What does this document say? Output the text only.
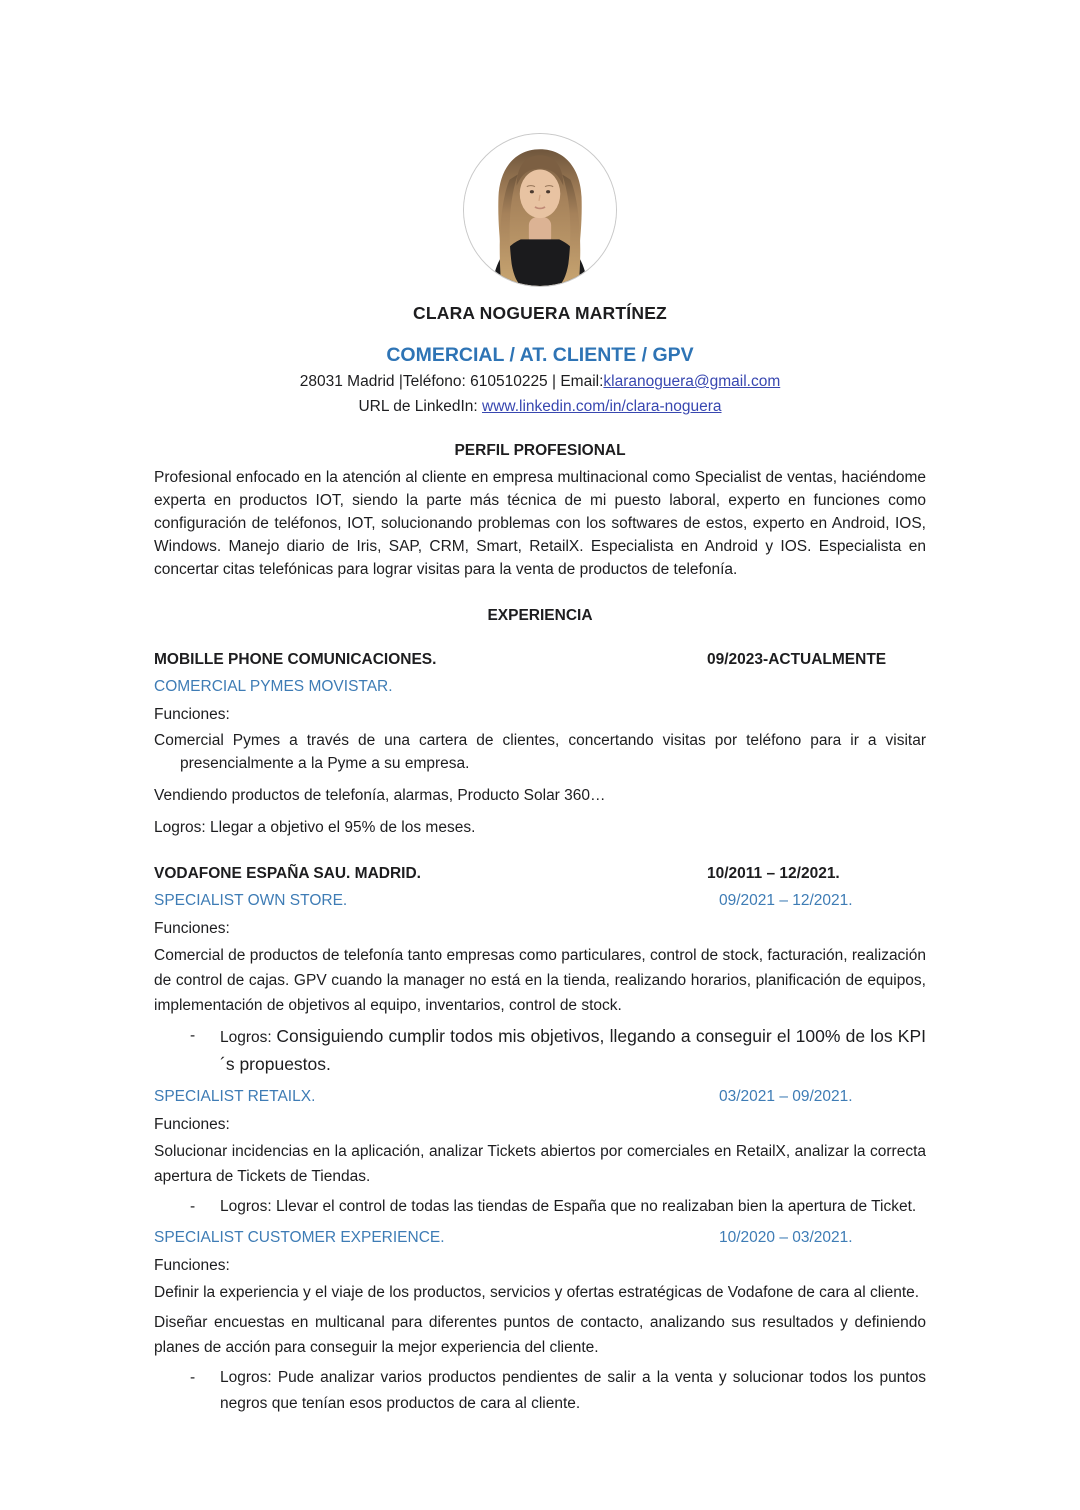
CLARA NOGUERA MARTÍNEZ
COMERCIAL / AT. CLIENTE / GPV
28031 Madrid |Teléfono: 610510225 | Email:klaranoguera@gmail.com
URL de LinkedIn: www.linkedin.com/in/clara-noguera
PERFIL PROFESIONAL
Profesional enfocado en la atención al cliente en empresa multinacional como Specialist de ventas, haciéndome experta en productos IOT, siendo la parte más técnica de mi puesto laboral, experto en funciones como configuración de teléfonos, IOT, solucionando problemas con los softwares de estos, experto en Android, IOS, Windows. Manejo diario de Iris, SAP, CRM, Smart, RetailX. Especialista en Android y IOS. Especialista en concertar citas telefónicas para lograr visitas para la venta de productos de telefonía.
EXPERIENCIA
MOBILLE PHONE COMUNICACIONES.	09/2023-ACTUALMENTE
COMERCIAL PYMES MOVISTAR.
Funciones:
Comercial Pymes a través de una cartera de clientes, concertando visitas por teléfono para ir a visitar presencialmente a la Pyme a su empresa.
Vendiendo productos de telefonía, alarmas, Producto Solar 360…
Logros: Llegar a objetivo el 95% de los meses.
VODAFONE ESPAÑA SAU. MADRID.	10/2011 – 12/2021.
SPECIALIST OWN STORE.	09/2021 – 12/2021.
Funciones:
Comercial de productos de telefonía tanto empresas como particulares, control de stock, facturación, realización de control de cajas. GPV cuando la manager no está en la tienda, realizando horarios, planificación de equipos, implementación de objetivos al equipo, inventarios, control de stock.
-	Logros: Consiguiendo cumplir todos mis objetivos, llegando a conseguir el 100% de los KPI´s propuestos.
SPECIALIST RETAILX.	03/2021 – 09/2021.
Funciones:
Solucionar incidencias en la aplicación, analizar Tickets abiertos por comerciales en RetailX, analizar la correcta apertura de Tickets de Tiendas.
-	Logros: Llevar el control de todas las tiendas de España que no realizaban bien la apertura de Ticket.
SPECIALIST CUSTOMER EXPERIENCE.	10/2020 – 03/2021.
Funciones:
Definir la experiencia y el viaje de los productos, servicios y ofertas estratégicas de Vodafone de cara al cliente.
Diseñar encuestas en multicanal para diferentes puntos de contacto, analizando sus resultados y definiendo planes de acción para conseguir la mejor experiencia del cliente.
-	Logros: Pude analizar varios productos pendientes de salir a la venta y solucionar todos los puntos negros que tenían esos productos de cara al cliente.
